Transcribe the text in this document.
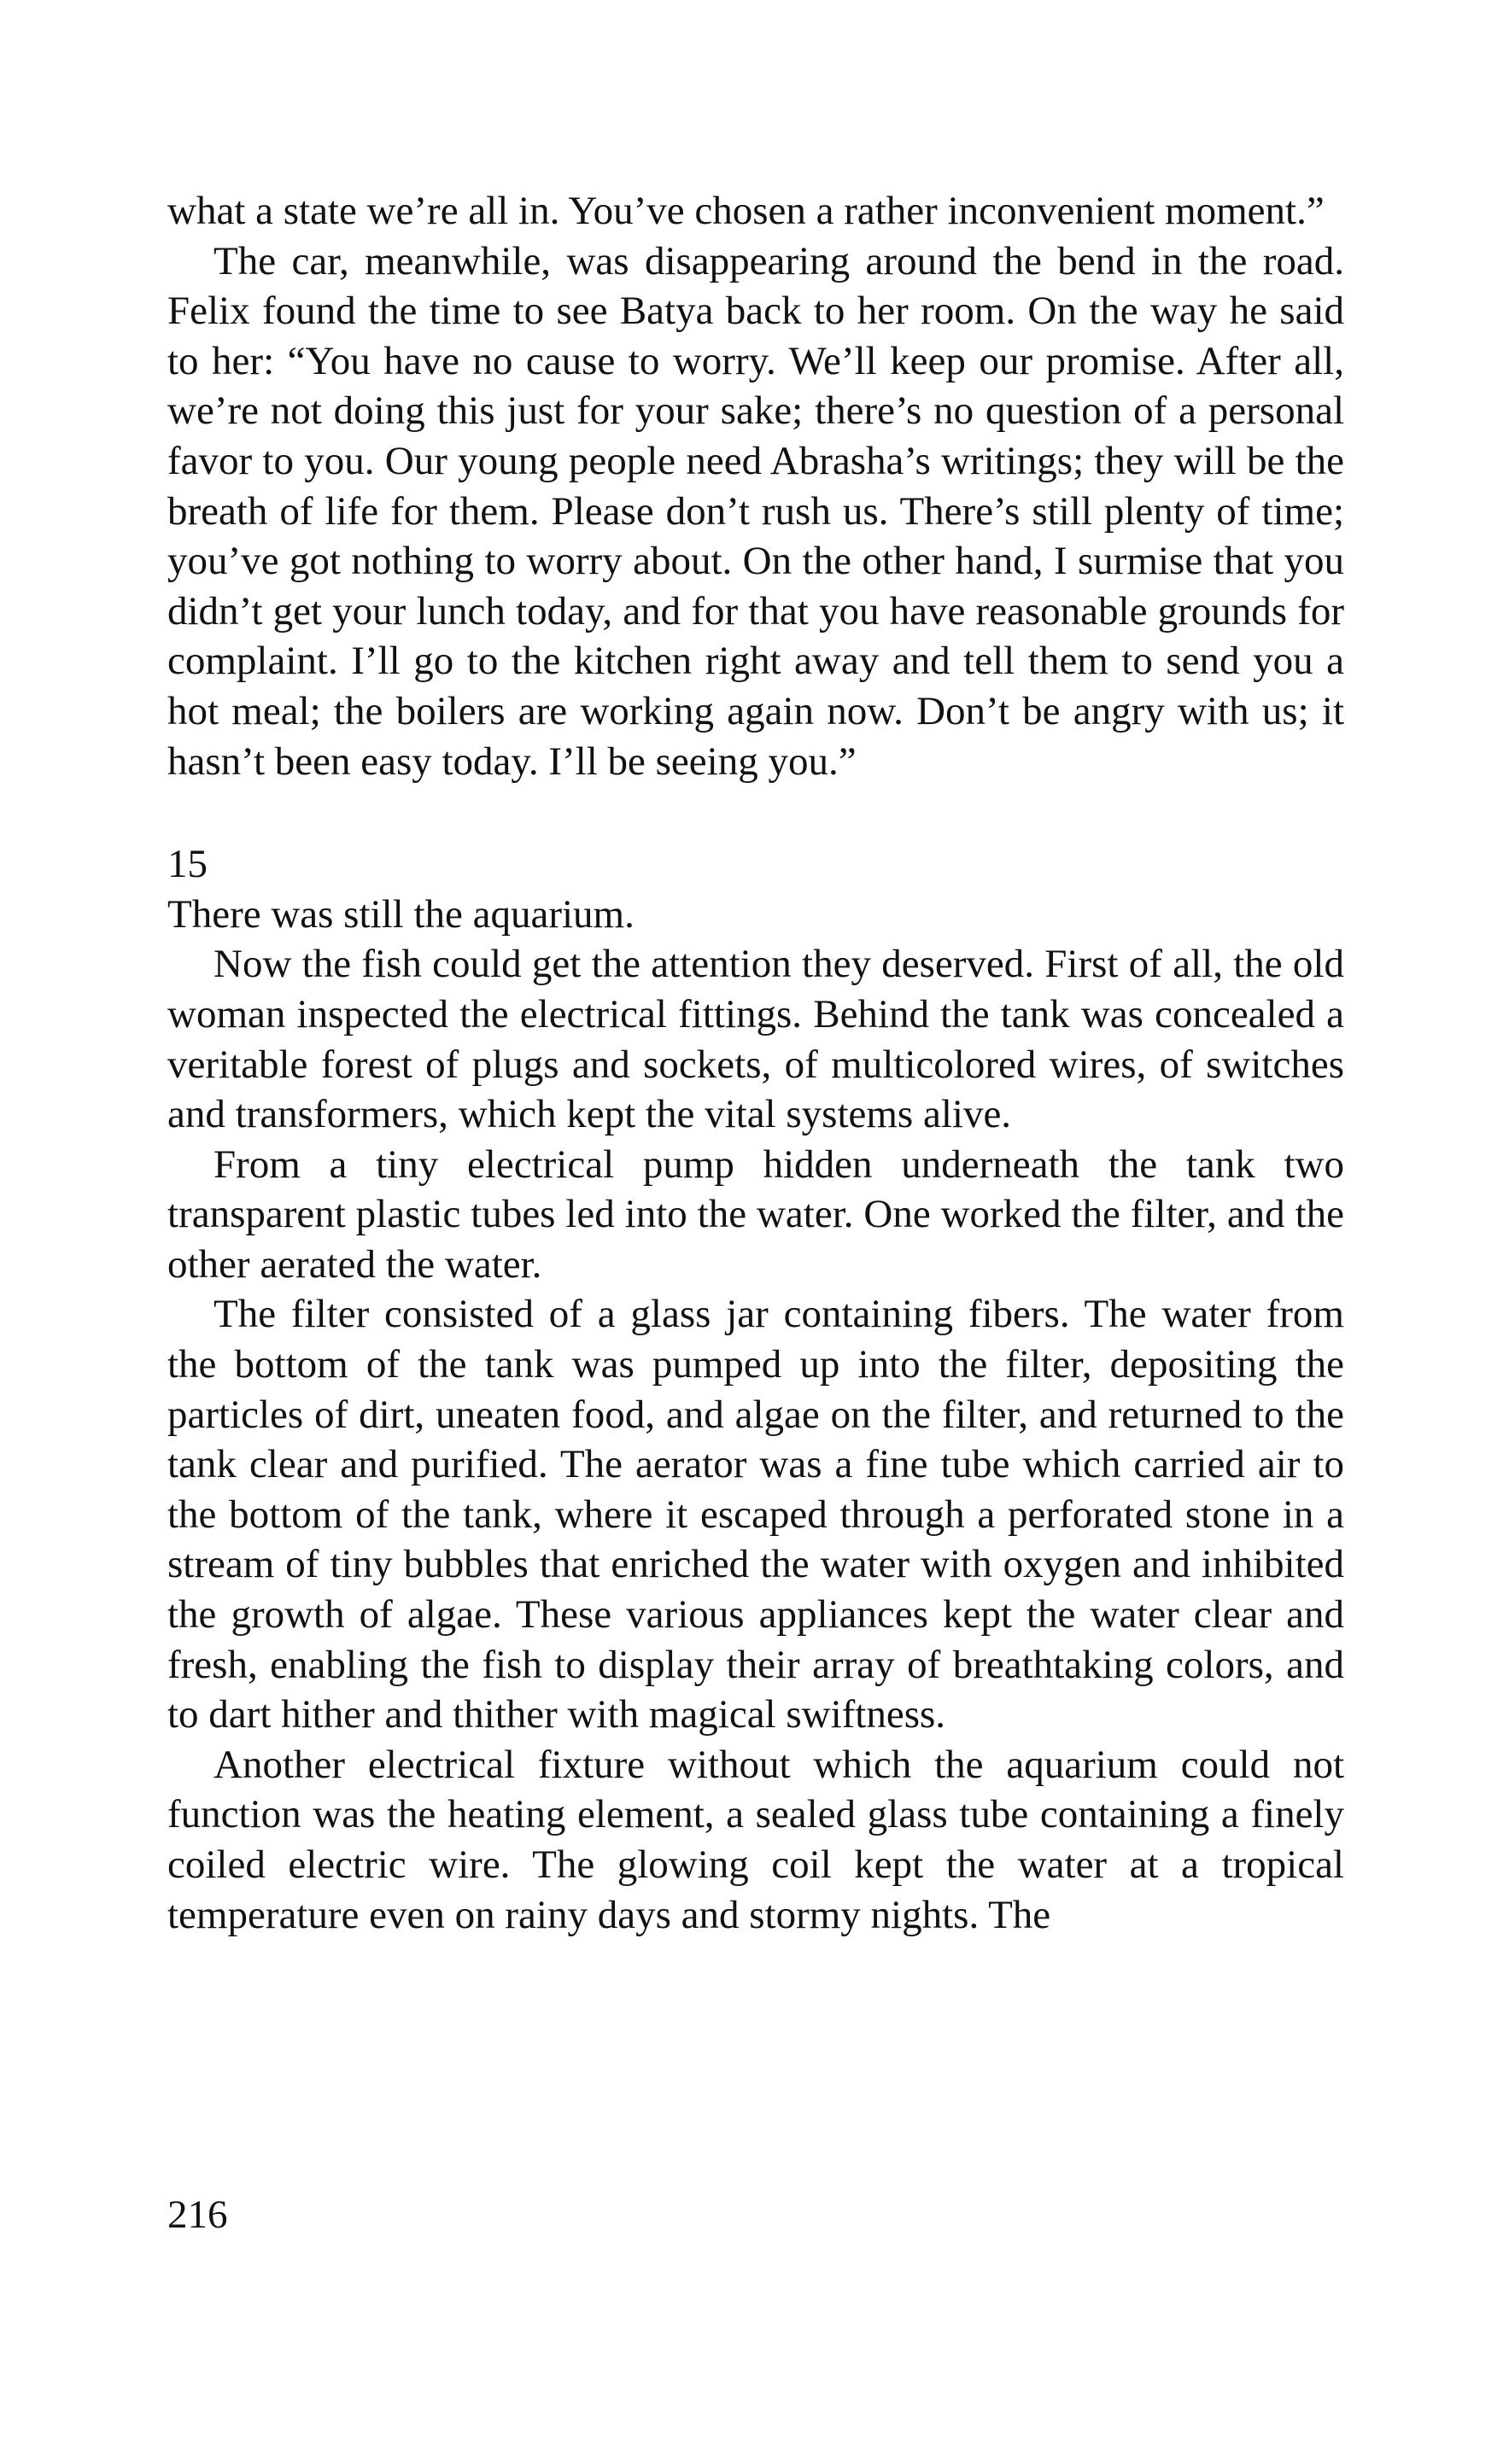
what a state we’re all in. You’ve chosen a rather inconvenient moment.”

The car, meanwhile, was disappearing around the bend in the road. Felix found the time to see Batya back to her room. On the way he said to her: “You have no cause to worry. We’ll keep our promise. After all, we’re not doing this just for your sake; there’s no question of a personal favor to you. Our young people need Abrasha’s writings; they will be the breath of life for them. Please don’t rush us. There’s still plenty of time; you’ve got nothing to worry about. On the other hand, I surmise that you didn’t get your lunch today, and for that you have reasonable grounds for complaint. I’ll go to the kitchen right away and tell them to send you a hot meal; the boilers are working again now. Don’t be angry with us; it hasn’t been easy today. I’ll be seeing you.”

15

There was still the aquarium.

Now the fish could get the attention they deserved. First of all, the old woman inspected the electrical fittings. Behind the tank was concealed a veritable forest of plugs and sockets, of multicolored wires, of switches and transformers, which kept the vital systems alive.

From a tiny electrical pump hidden underneath the tank two transparent plastic tubes led into the water. One worked the filter, and the other aerated the water.

The filter consisted of a glass jar containing fibers. The water from the bottom of the tank was pumped up into the filter, depositing the particles of dirt, uneaten food, and algae on the filter, and returned to the tank clear and purified. The aerator was a fine tube which carried air to the bottom of the tank, where it escaped through a perforated stone in a stream of tiny bubbles that enriched the water with oxygen and inhibited the growth of algae. These various appliances kept the water clear and fresh, enabling the fish to display their array of breathtaking colors, and to dart hither and thither with magical swiftness.

Another electrical fixture without which the aquarium could not function was the heating element, a sealed glass tube containing a finely coiled electric wire. The glowing coil kept the water at a tropical temperature even on rainy days and stormy nights. The

216
